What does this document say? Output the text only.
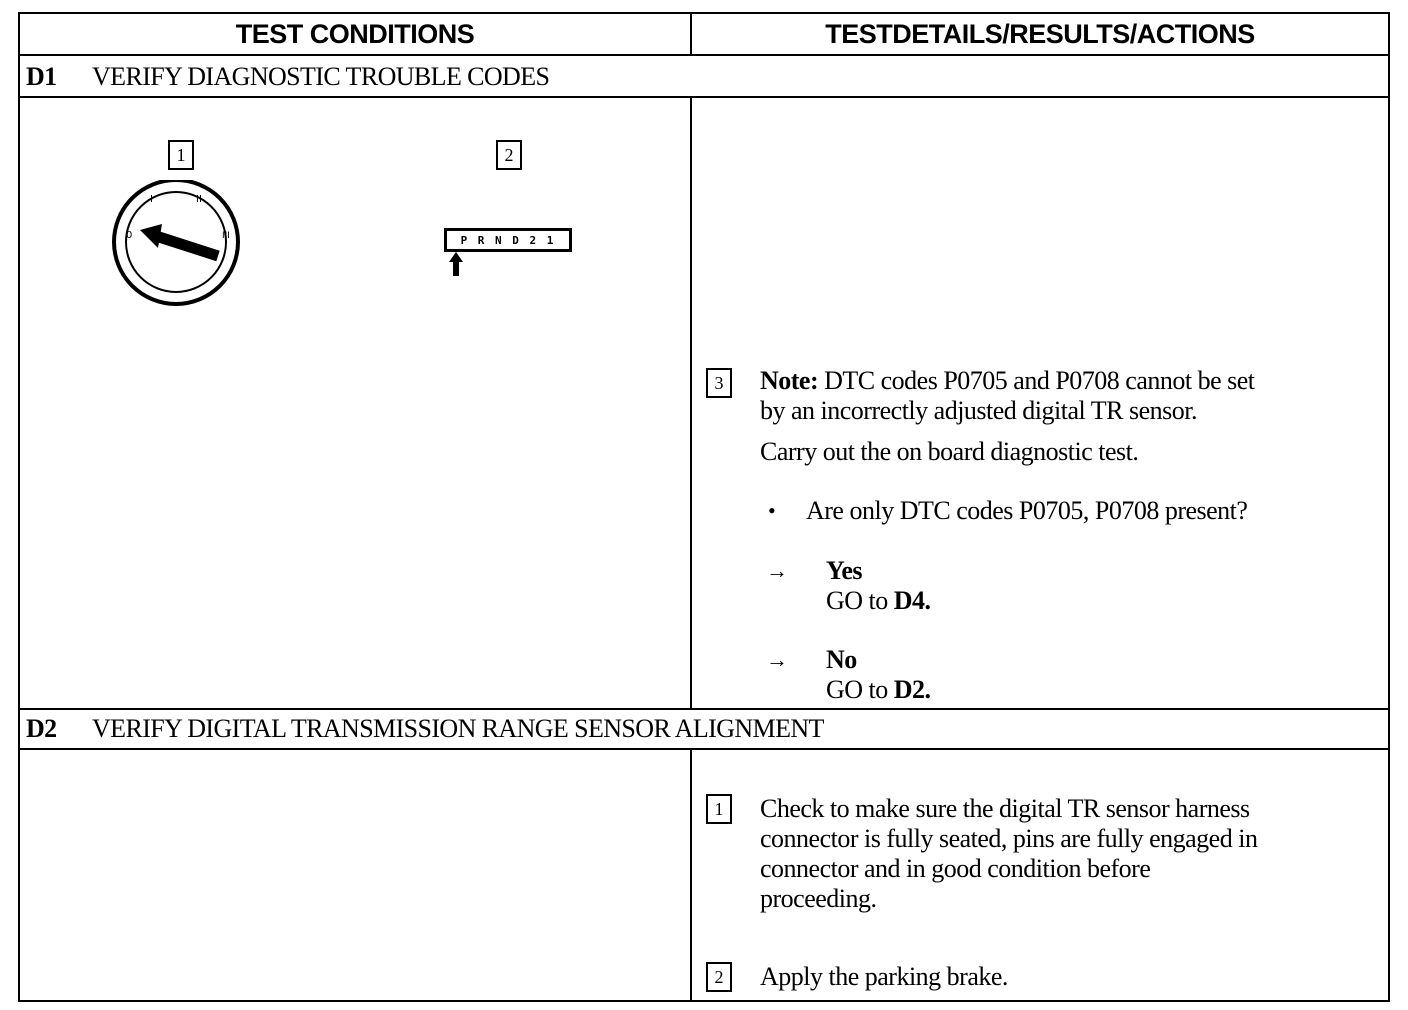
TEST CONDITIONS	TESTDETAILS/RESULTS/ACTIONS
D1	VERIFY DIAGNOSTIC TROUBLE CODES
1	2
0
I	II
III	P R N D 2 1
3	Note: DTC codes P0705 and P0708 cannot be set
by an incorrectly adjusted digital TR sensor.
Carry out the on board diagnostic test.
• Are only DTC codes P0705, P0708 present?
→ Yes
GO to D4.
→ No
GO to D2.
D2	VERIFY DIGITAL TRANSMISSION RANGE SENSOR ALIGNMENT
1	Check to make sure the digital TR sensor harness
connector is fully seated, pins are fully engaged in
connector and in good condition before
proceeding.
2	Apply the parking brake.
